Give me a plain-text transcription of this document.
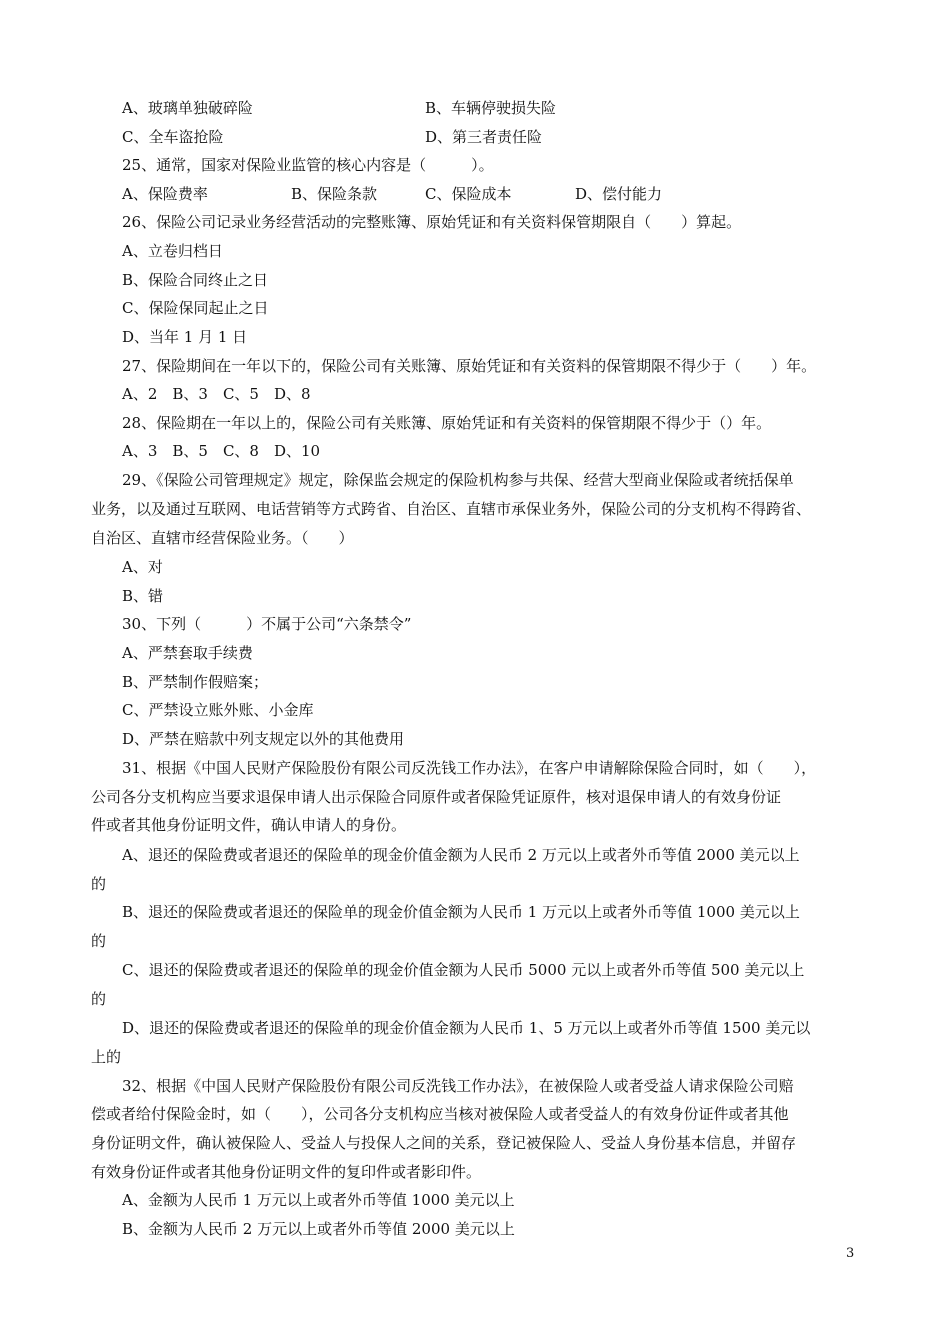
A、玻璃单独破碎险	B、车辆停驶损失险
C、全车盗抢险	D、第三者责任险
25、通常，国家对保险业监管的核心内容是（　　　）。
A、保险费率	B、保险条款	C、保险成本	D、偿付能力
26、保险公司记录业务经营活动的完整账簿、原始凭证和有关资料保管期限自（　　）算起。
A、立卷归档日
B、保险合同终止之日
C、保险保同起止之日
D、当年 1 月 1 日
27、保险期间在一年以下的，保险公司有关账簿、原始凭证和有关资料的保管期限不得少于（　　）年。
A、2　B、3　C、5　D、8
28、保险期在一年以上的，保险公司有关账簿、原始凭证和有关资料的保管期限不得少于（）年。
A、3　B、5　C、8　D、10
29、《保险公司管理规定》规定，除保监会规定的保险机构参与共保、经营大型商业保险或者统括保单
业务，以及通过互联网、电话营销等方式跨省、自治区、直辖市承保业务外，保险公司的分支机构不得跨省、
自治区、直辖市经营保险业务。（　　）
A、对
B、错
30、下列（　　　）不属于公司“六条禁令”
A、严禁套取手续费
B、严禁制作假赔案；
C、严禁设立账外账、小金库
D、严禁在赔款中列支规定以外的其他费用
31、根据《中国人民财产保险股份有限公司反洗钱工作办法》，在客户申请解除保险合同时，如（　　），
公司各分支机构应当要求退保申请人出示保险合同原件或者保险凭证原件，核对退保申请人的有效身份证
件或者其他身份证明文件，确认申请人的身份。
A、退还的保险费或者退还的保险单的现金价值金额为人民币 2 万元以上或者外币等值 2000 美元以上
的
B、退还的保险费或者退还的保险单的现金价值金额为人民币 1 万元以上或者外币等值 1000 美元以上
的
C、退还的保险费或者退还的保险单的现金价值金额为人民币 5000 元以上或者外币等值 500 美元以上
的
D、退还的保险费或者退还的保险单的现金价值金额为人民币 1、5 万元以上或者外币等值 1500 美元以
上的
32、根据《中国人民财产保险股份有限公司反洗钱工作办法》，在被保险人或者受益人请求保险公司赔
偿或者给付保险金时，如（　　），公司各分支机构应当核对被保险人或者受益人的有效身份证件或者其他
身份证明文件，确认被保险人、受益人与投保人之间的关系，登记被保险人、受益人身份基本信息，并留存
有效身份证件或者其他身份证明文件的复印件或者影印件。
A、金额为人民币 1 万元以上或者外币等值 1000 美元以上
B、金额为人民币 2 万元以上或者外币等值 2000 美元以上
3
